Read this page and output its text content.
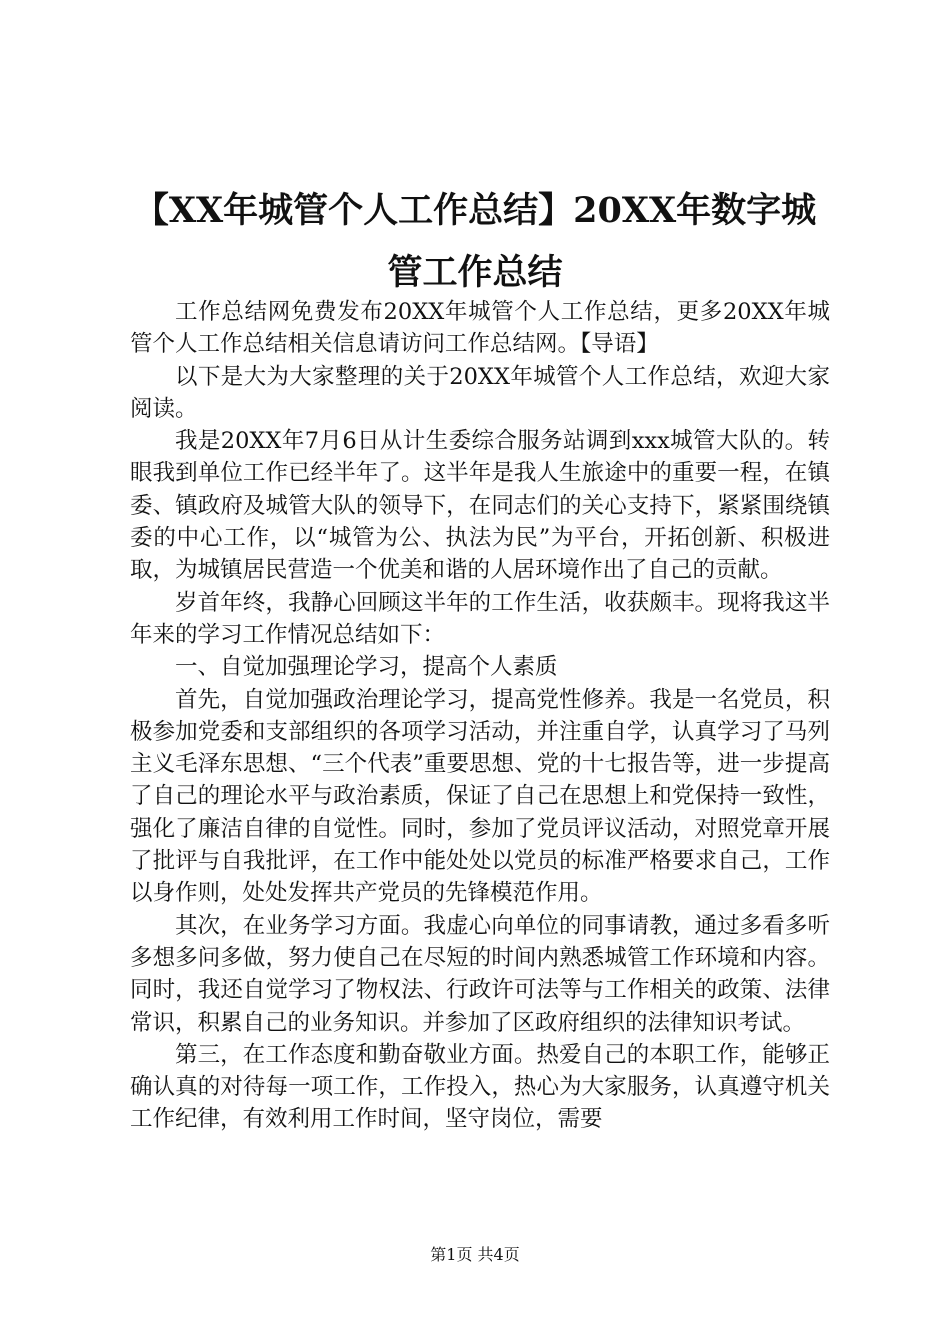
【XX年城管个人工作总结】20XX年数字城管工作总结

工作总结网免费发布20XX年城管个人工作总结，更多20XX年城管个人工作总结相关信息请访问工作总结网。【导语】

以下是大为大家整理的关于20XX年城管个人工作总结，欢迎大家阅读。

我是20XX年7月6日从计生委综合服务站调到xxx城管大队的。转眼我到单位工作已经半年了。这半年是我人生旅途中的重要一程，在镇委、镇政府及城管大队的领导下，在同志们的关心支持下，紧紧围绕镇委的中心工作，以“城管为公、执法为民”为平台，开拓创新、积极进取，为城镇居民营造一个优美和谐的人居环境作出了自己的贡献。

岁首年终，我静心回顾这半年的工作生活，收获颇丰。现将我这半年来的学习工作情况总结如下：

一、自觉加强理论学习，提高个人素质

首先，自觉加强政治理论学习，提高党性修养。我是一名党员，积极参加党委和支部组织的各项学习活动，并注重自学，认真学习了马列主义毛泽东思想、“三个代表”重要思想、党的十七报告等，进一步提高了自己的理论水平与政治素质，保证了自己在思想上和党保持一致性，强化了廉洁自律的自觉性。同时，参加了党员评议活动，对照党章开展了批评与自我批评，在工作中能处处以党员的标准严格要求自己，工作以身作则，处处发挥共产党员的先锋模范作用。

其次，在业务学习方面。我虚心向单位的同事请教，通过多看多听多想多问多做，努力使自己在尽短的时间内熟悉城管工作环境和内容。同时，我还自觉学习了物权法、行政许可法等与工作相关的政策、法律常识，积累自己的业务知识。并参加了区政府组织的法律知识考试。

第三，在工作态度和勤奋敬业方面。热爱自己的本职工作，能够正确认真的对待每一项工作，工作投入，热心为大家服务，认真遵守机关工作纪律，有效利用工作时间，坚守岗位，需要

第1页 共4页
